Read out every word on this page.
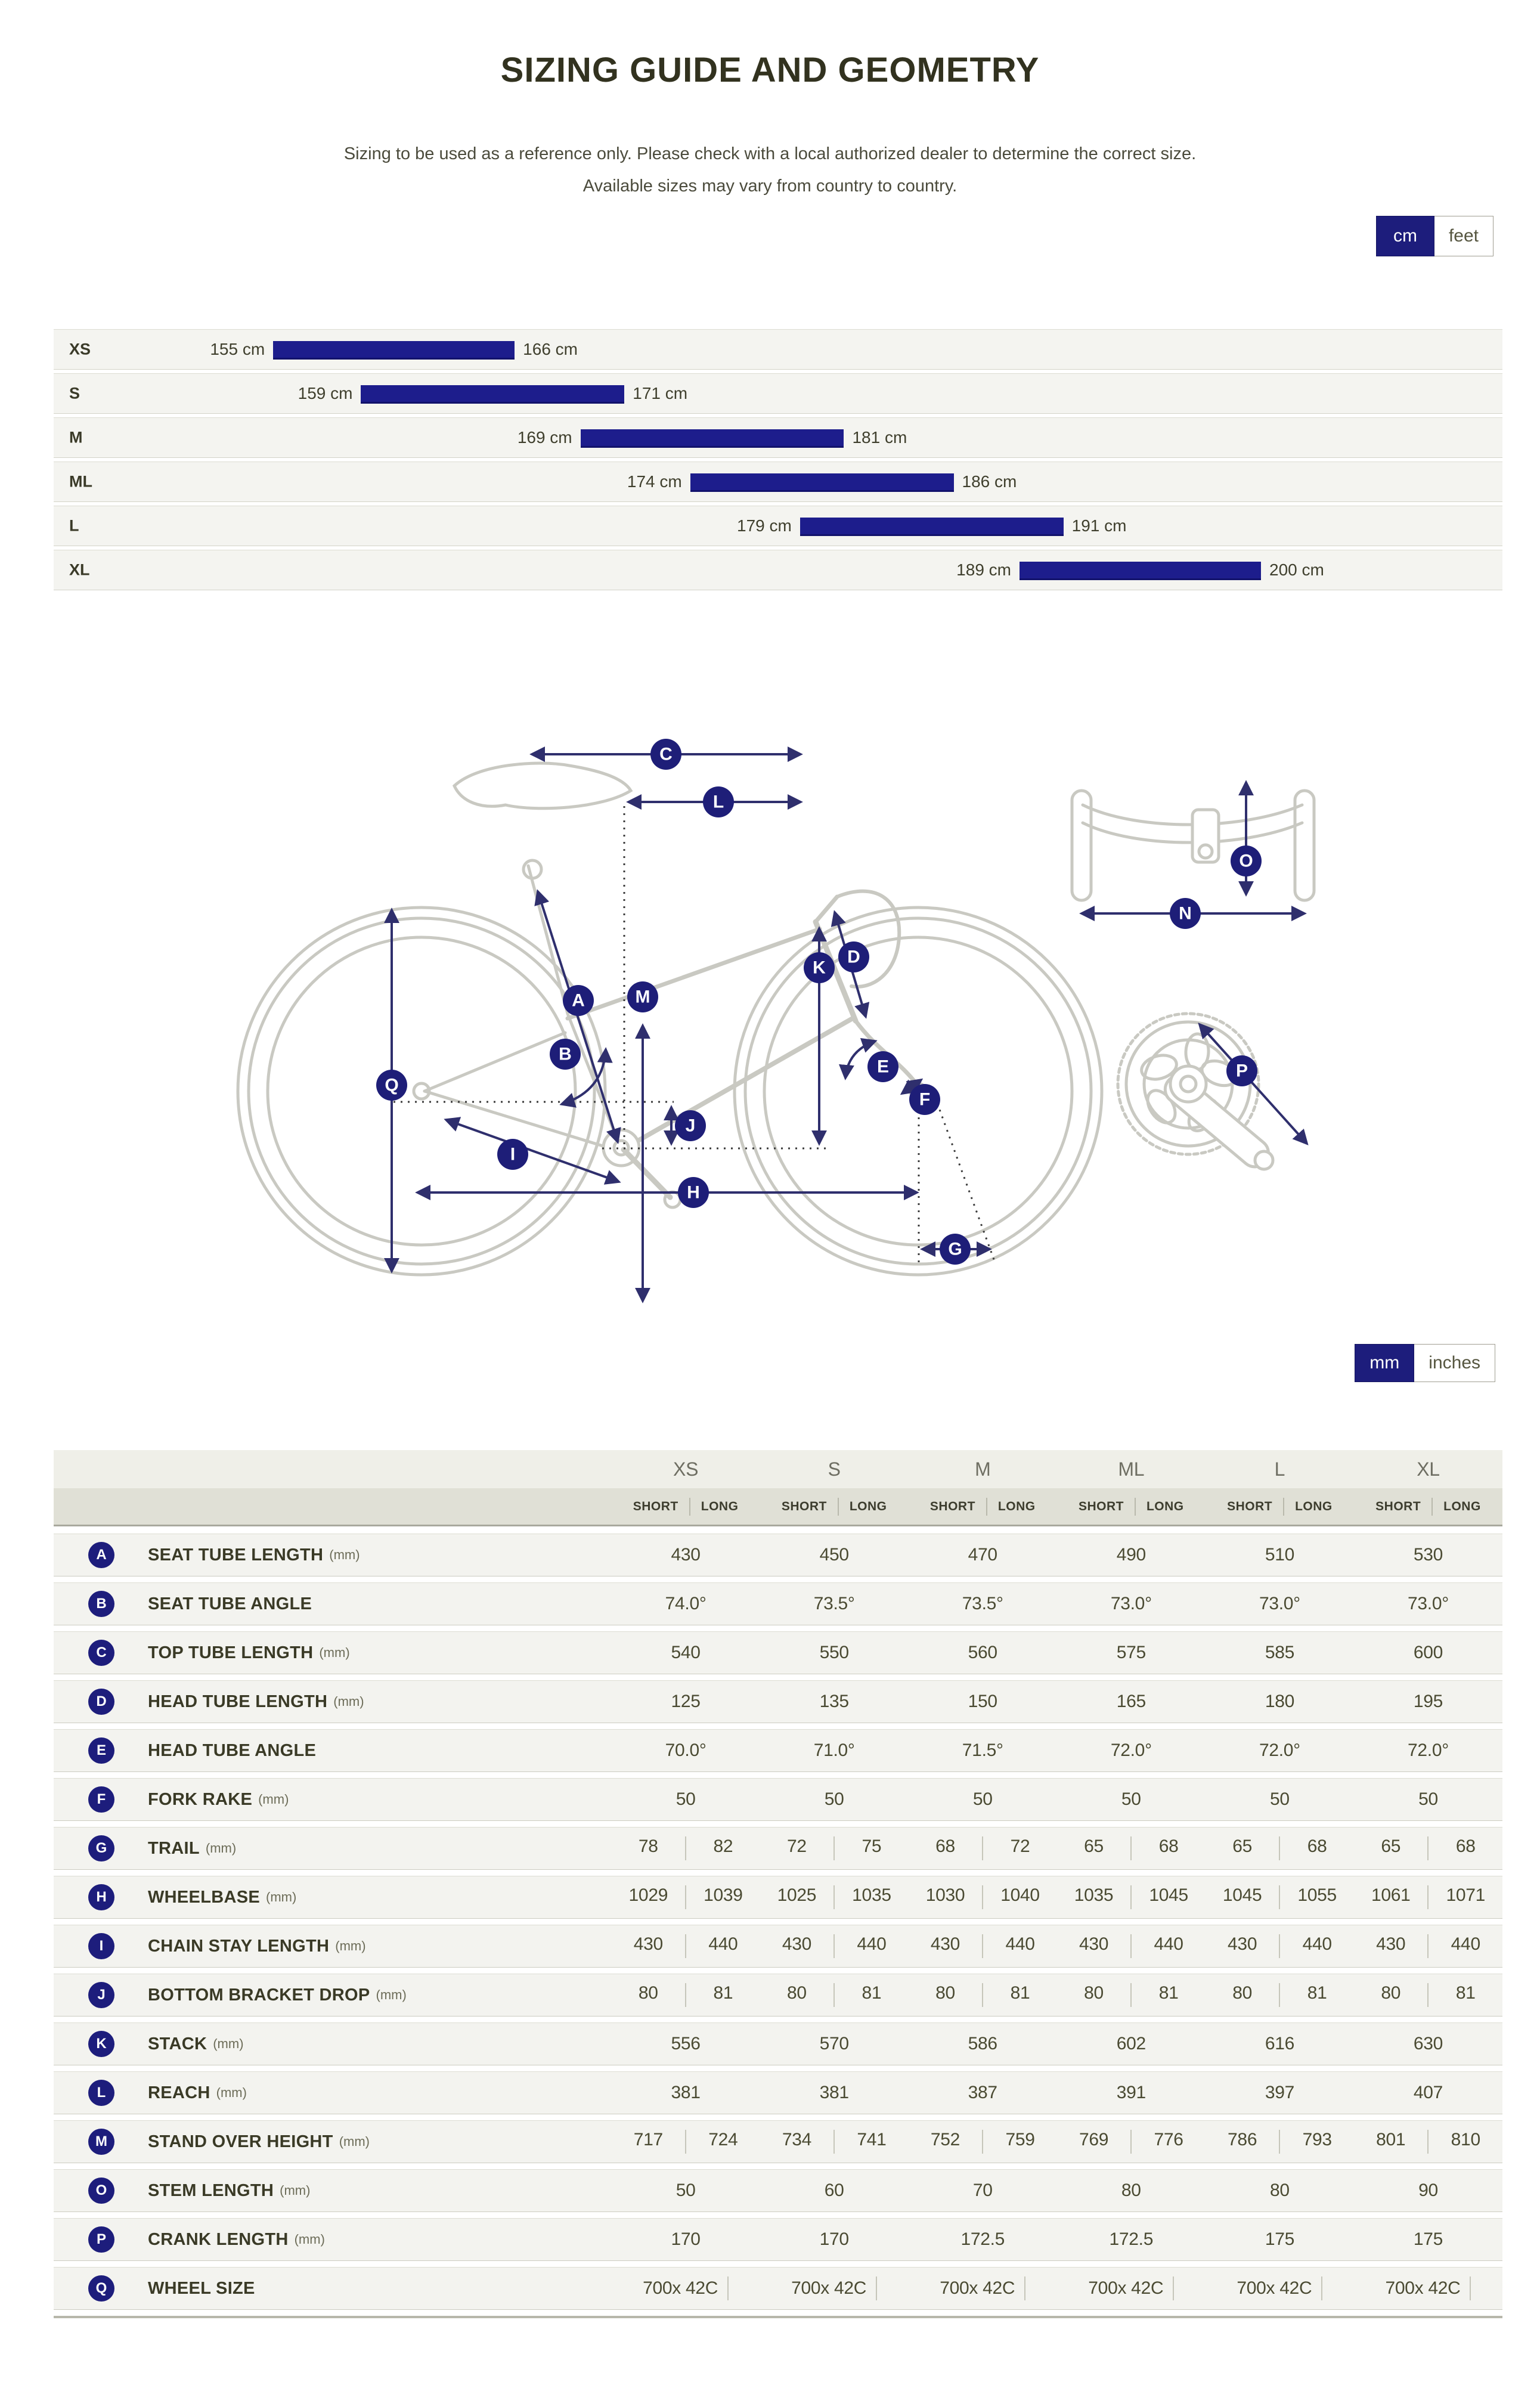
SIZING GUIDE AND GEOMETRY
Sizing to be used as a reference only. Please check with a local authorized dealer to determine the correct size.
Available sizes may vary from country to country.
cm	feet
XS	155 cm	166 cm
S	159 cm	171 cm
M	169 cm	181 cm
ML	174 cm	186 cm
L	179 cm	191 cm
XL	189 cm	200 cm
C
L
D
K
A	M
B
Q
J
I
E
F
H
G
O
N
P
mm	inches
XS	S	M	ML	L	XL
SHORT LONG	SHORT LONG	SHORT LONG	SHORT LONG	SHORT LONG	SHORT LONG
A	SEAT TUBE LENGTH (mm)	430	450	470	490	510	530
B	SEAT TUBE ANGLE	74.0°	73.5°	73.5°	73.0°	73.0°	73.0°
C	TOP TUBE LENGTH (mm)	540	550	560	575	585	600
D	HEAD TUBE LENGTH (mm)	125	135	150	165	180	195
E	HEAD TUBE ANGLE	70.0°	71.0°	71.5°	72.0°	72.0°	72.0°
F	FORK RAKE (mm)	50	50	50	50	50	50
G	TRAIL (mm)	78	82	72	75	68	72	65	68	65	68	65	68
H	WHEELBASE (mm)	1029	1039	1025	1035	1030	1040	1035	1045	1045	1055	1061	1071
I	CHAIN STAY LENGTH (mm)	430	440	430	440	430	440	430	440	430	440	430	440
J	BOTTOM BRACKET DROP (mm)	80	81	80	81	80	81	80	81	80	81	80	81
K	STACK (mm)	556	570	586	602	616	630
L	REACH (mm)	381	381	387	391	397	407
M	STAND OVER HEIGHT (mm)	717	724	734	741	752	759	769	776	786	793	801	810
O	STEM LENGTH (mm)	50	60	70	80	80	90
P	CRANK LENGTH (mm)	170	170	172.5	172.5	175	175
Q	WHEEL SIZE	700x 42C	700x 42C	700x 42C	700x 42C	700x 42C	700x 42C
